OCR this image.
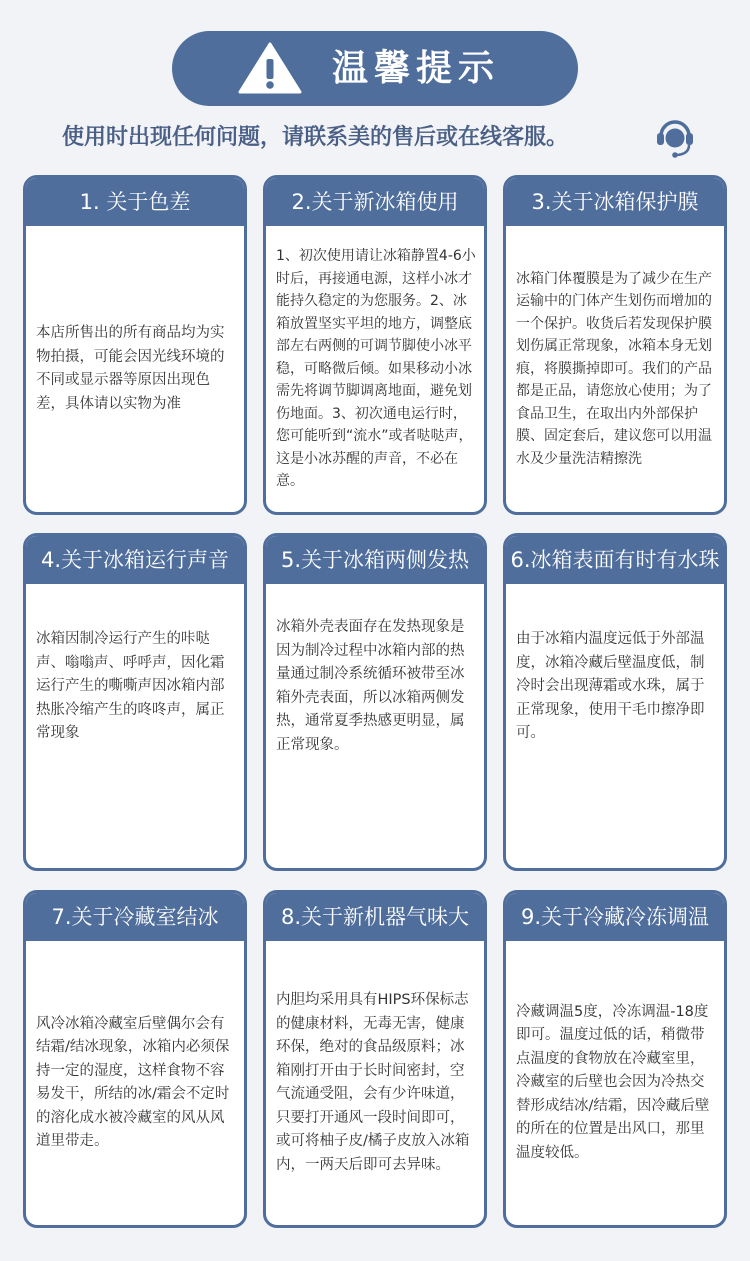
温馨提示
使用时出现任何问题，请联系美的售后或在线客服。
1. 关于色差
本店所售出的所有商品均为实物拍摄，可能会因光线环境的不同或显示器等原因出现色差，具体请以实物为准
2.关于新冰箱使用
1、初次使用请让冰箱静置4-6小时后，再接通电源，这样小冰才能持久稳定的为您服务。2、冰箱放置坚实平坦的地方，调整底部左右两侧的可调节脚使小冰平稳，可略微后倾。如果移动小冰需先将调节脚调离地面，避免划伤地面。3、初次通电运行时，您可能听到“流水”或者哒哒声，这是小冰苏醒的声音，不必在意。
3.关于冰箱保护膜
冰箱门体覆膜是为了减少在生产运输中的门体产生划伤而增加的一个保护。收货后若发现保护膜划伤属正常现象，冰箱本身无划痕，将膜撕掉即可。我们的产品都是正品，请您放心使用；为了食品卫生，在取出内外部保护膜、固定套后，建议您可以用温水及少量洗洁精擦洗
4.关于冰箱运行声音
冰箱因制冷运行产生的咔哒声、嗡嗡声、呼呼声，因化霜运行产生的嘶嘶声因冰箱内部热胀冷缩产生的咚咚声，属正常现象
5.关于冰箱两侧发热
冰箱外壳表面存在发热现象是因为制冷过程中冰箱内部的热量通过制冷系统循环被带至冰箱外壳表面，所以冰箱两侧发热，通常夏季热感更明显，属正常现象。
6.冰箱表面有时有水珠
由于冰箱内温度远低于外部温度，冰箱冷藏后壁温度低，制冷时会出现薄霜或水珠，属于正常现象，使用干毛巾擦净即可。
7.关于冷藏室结冰
风冷冰箱冷藏室后壁偶尔会有结霜/结冰现象，冰箱内必须保持一定的湿度，这样食物不容易发干，所结的冰/霜会不定时的溶化成水被冷藏室的风从风道里带走。
8.关于新机器气味大
内胆均采用具有HIPS环保标志的健康材料，无毒无害，健康环保，绝对的食品级原料；冰箱刚打开由于长时间密封，空气流通受阻，会有少许味道，只要打开通风一段时间即可，或可将柚子皮/橘子皮放入冰箱内，一两天后即可去异味。
9.关于冷藏冷冻调温
冷藏调温5度，冷冻调温-18度即可。温度过低的话，稍微带点温度的食物放在冷藏室里，冷藏室的后壁也会因为冷热交替形成结冰/结霜，因冷藏后壁的所在的位置是出风口，那里温度较低。
